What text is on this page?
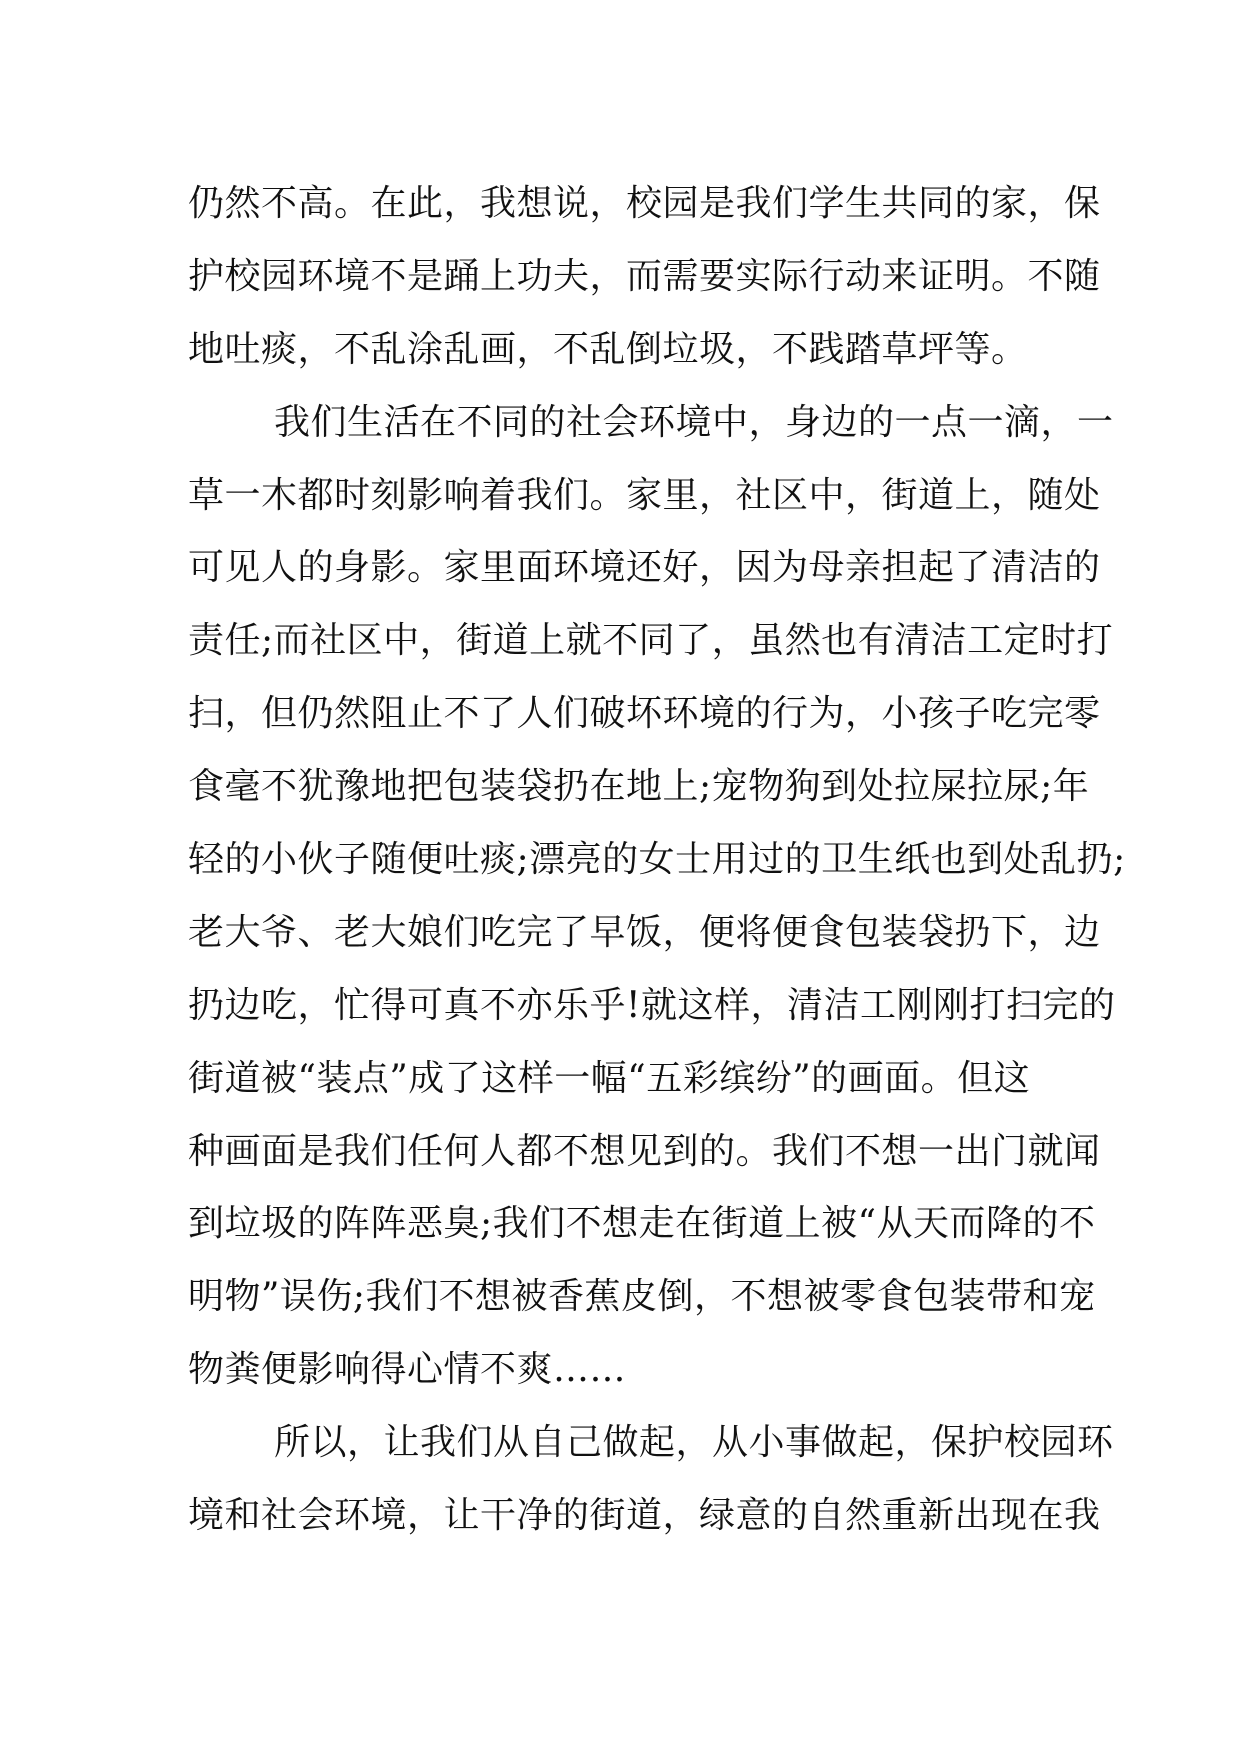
仍然不高。在此，我想说，校园是我们学生共同的家，保
护校园环境不是踊上功夫，而需要实际行动来证明。不随
地吐痰，不乱涂乱画，不乱倒垃圾，不践踏草坪等。
我们生活在不同的社会环境中，身边的一点一滴，一
草一木都时刻影响着我们。家里，社区中，街道上，随处
可见人的身影。家里面环境还好，因为母亲担起了清洁的
责任;而社区中，街道上就不同了，虽然也有清洁工定时打
扫，但仍然阻止不了人们破坏环境的行为，小孩子吃完零
食毫不犹豫地把包装袋扔在地上;宠物狗到处拉屎拉尿;年
轻的小伙子随便吐痰;漂亮的女士用过的卫生纸也到处乱扔;
老大爷、老大娘们吃完了早饭，便将便食包装袋扔下，边
扔边吃，忙得可真不亦乐乎!就这样，清洁工刚刚打扫完的
街道被“装点”成了这样一幅“五彩缤纷”的画面。但这
种画面是我们任何人都不想见到的。我们不想一出门就闻
到垃圾的阵阵恶臭;我们不想走在街道上被“从天而降的不
明物”误伤;我们不想被香蕉皮倒，不想被零食包装带和宠
物粪便影响得心情不爽……
所以，让我们从自己做起，从小事做起，保护校园环
境和社会环境，让干净的街道，绿意的自然重新出现在我
